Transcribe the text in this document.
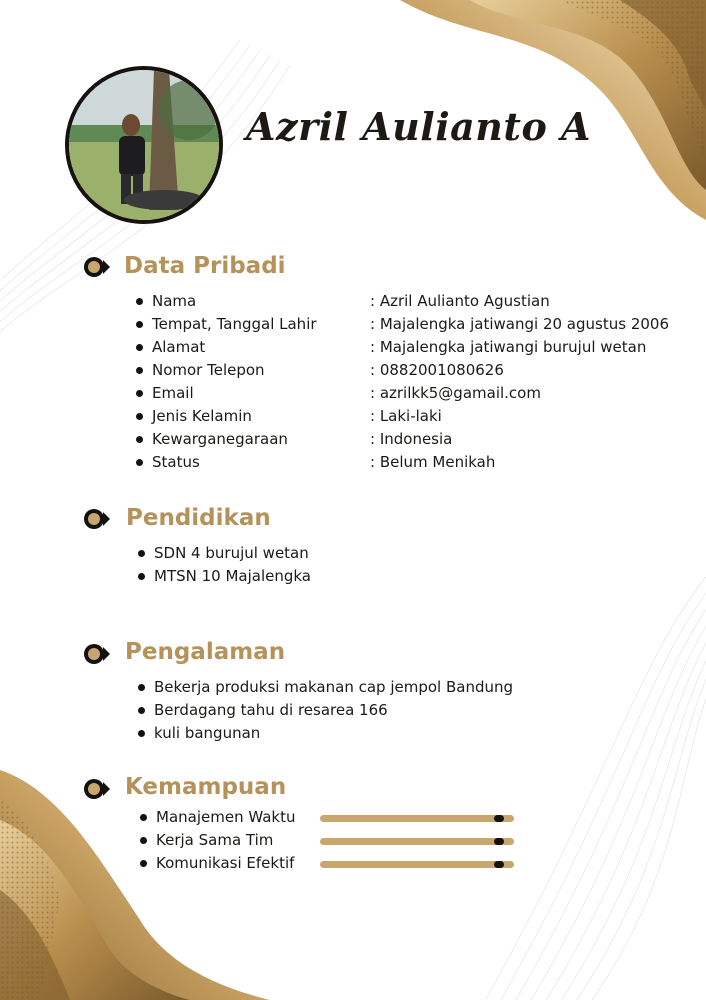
Azril Aulianto A
Data Pribadi
Nama	: Azril Aulianto Agustian
Tempat, Tanggal Lahir	: Majalengka jatiwangi 20 agustus 2006
Alamat	: Majalengka jatiwangi burujul wetan
Nomor Telepon	: 0882001080626
Email	: azrilkk5@gamail.com
Jenis Kelamin	: Laki-laki
Kewarganegaraan	: Indonesia
Status	: Belum Menikah
Pendidikan
SDN 4 burujul wetan
MTSN 10 Majalengka
Pengalaman
Bekerja produksi makanan cap jempol Bandung
Berdagang tahu di resarea 166
kuli bangunan
Kemampuan
Manajemen Waktu
Kerja Sama Tim
Komunikasi Efektif
